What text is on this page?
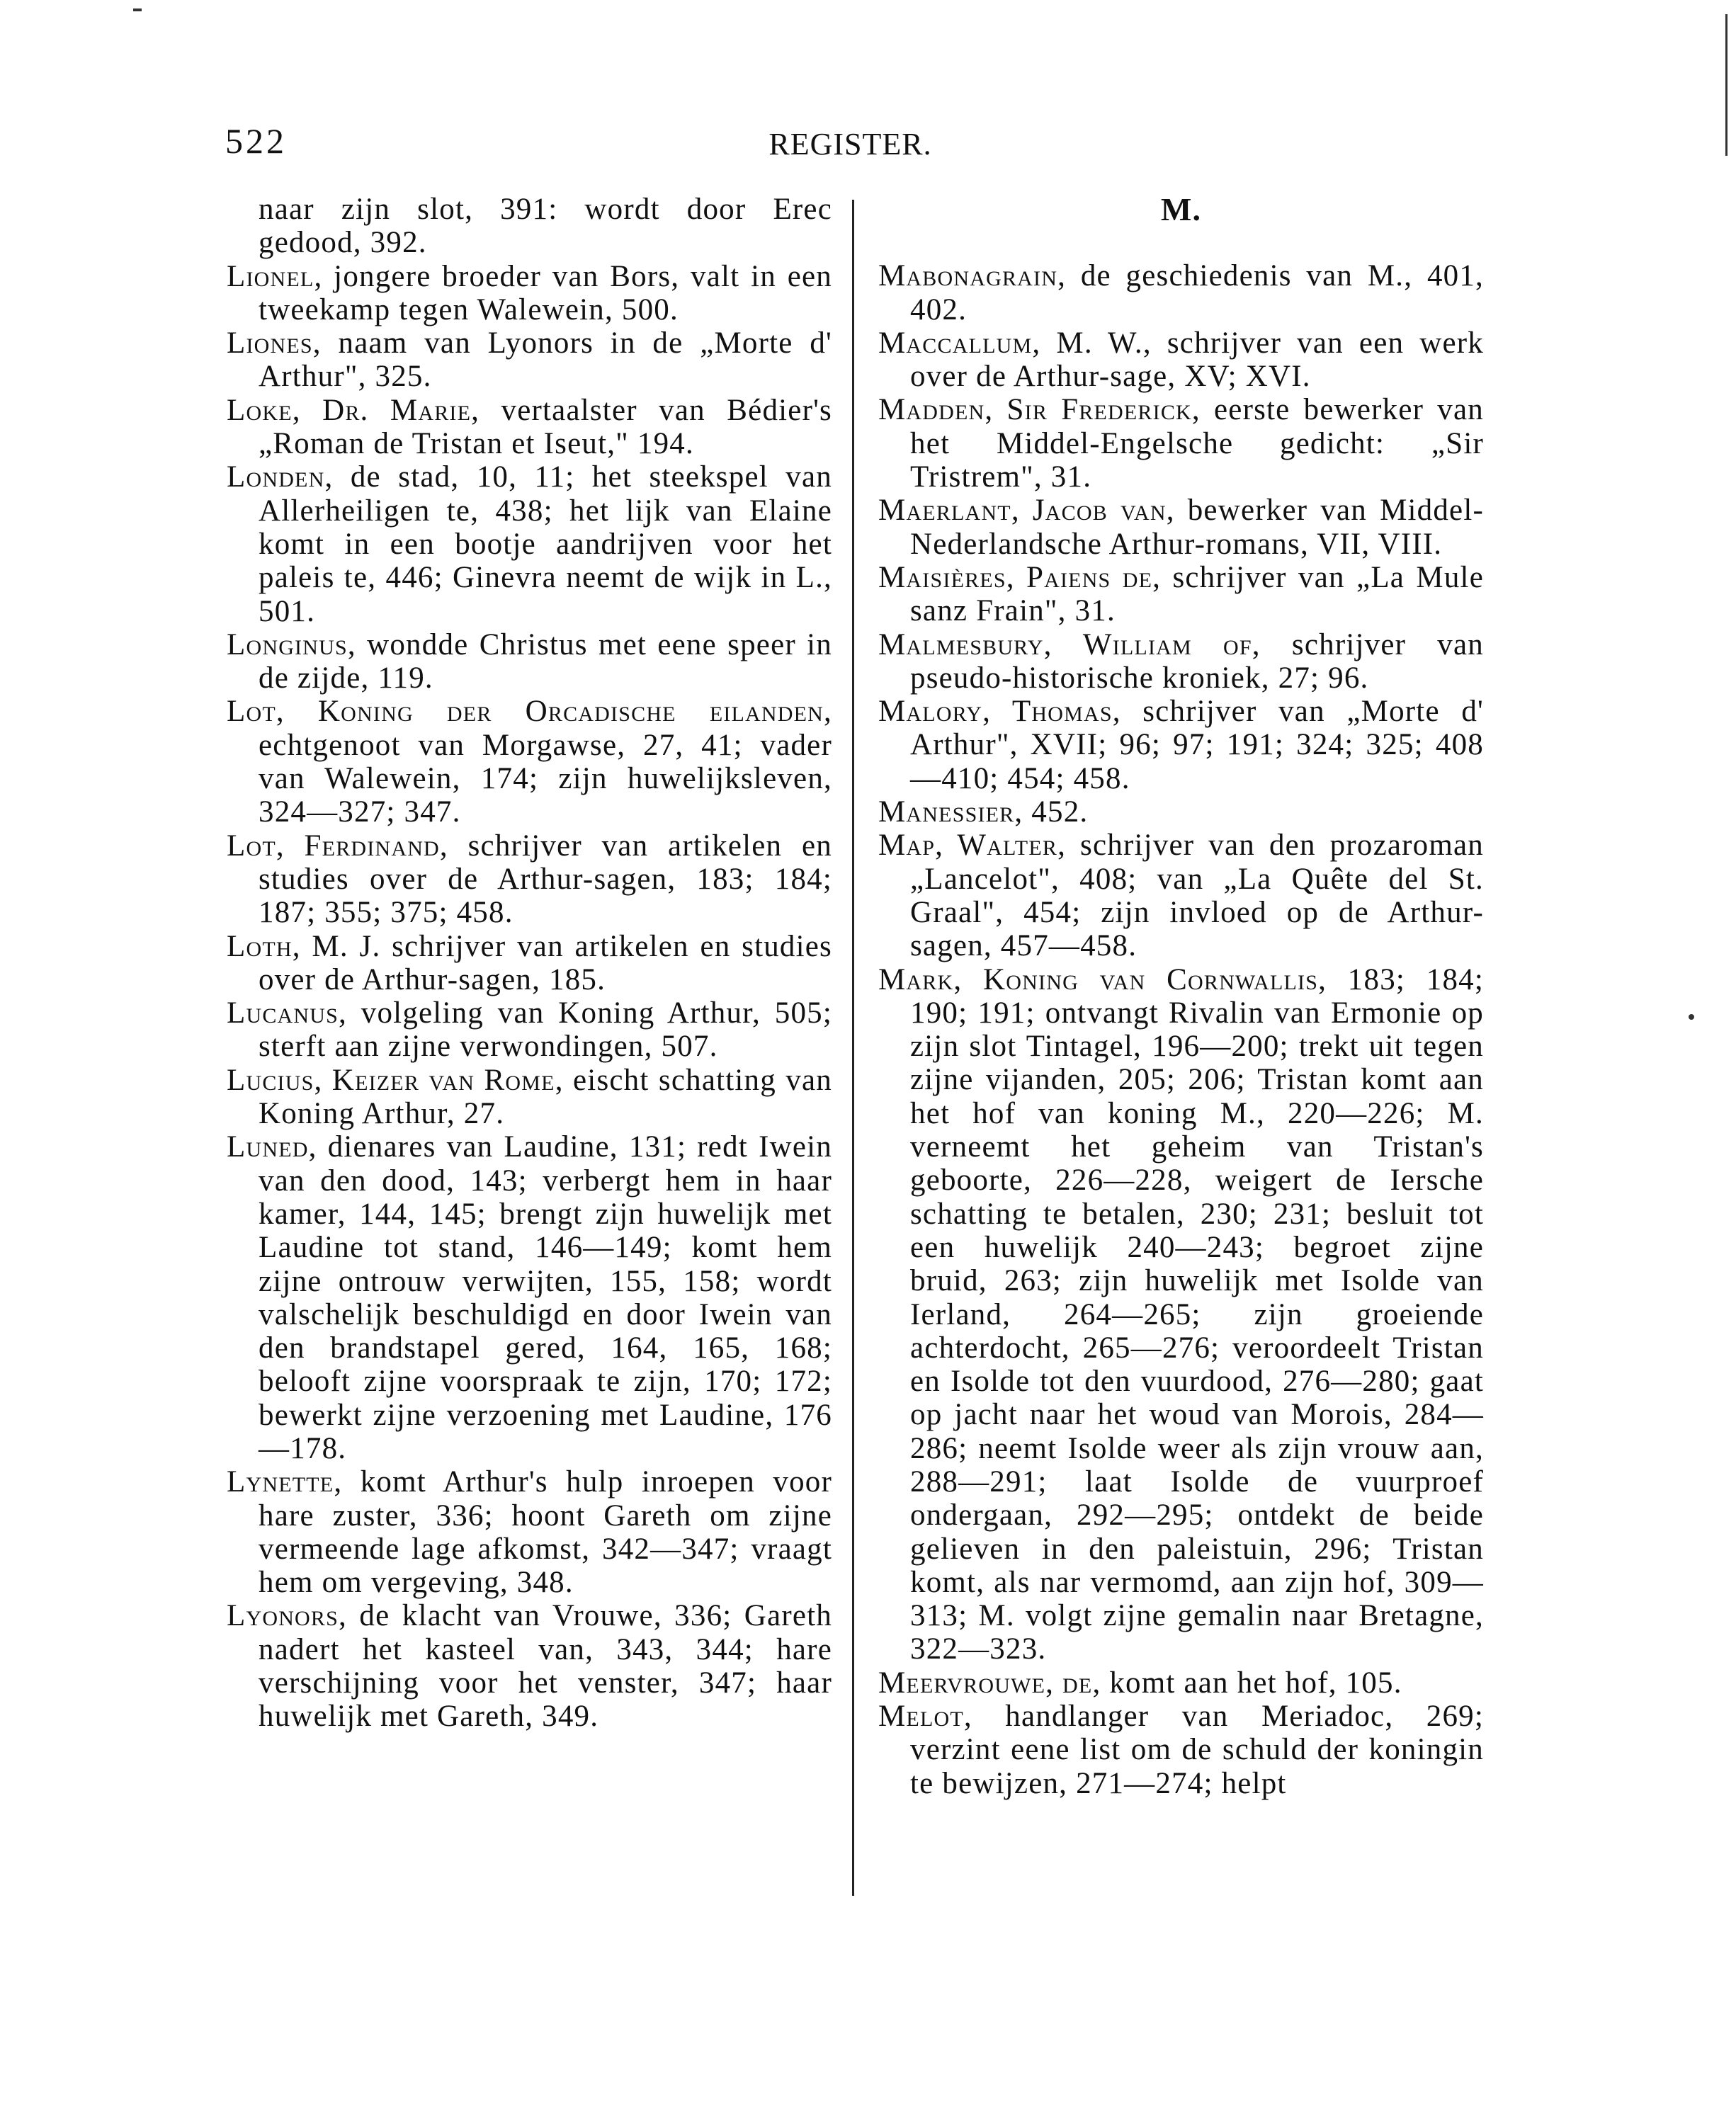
522	REGISTER.

naar zijn slot, 391: wordt door Erec gedood, 392.

Lionel, jongere broeder van Bors, valt in een tweekamp tegen Walewein, 500.

Liones, naam van Lyonors in de „Morte d' Arthur", 325.

Loke, Dr. Marie, vertaalster van Bédier's „Roman de Tristan et Iseut," 194.

Londen, de stad, 10, 11; het steekspel van Allerheiligen te, 438; het lijk van Elaine komt in een bootje aandrijven voor het paleis te, 446; Ginevra neemt de wijk in L., 501.

Longinus, wondde Christus met eene speer in de zijde, 119.

Lot, Koning der Orcadische eilanden, echtgenoot van Morgawse, 27, 41; vader van Walewein, 174; zijn huwelijksleven, 324—327; 347.

Lot, Ferdinand, schrijver van artikelen en studies over de Arthur-sagen, 183; 184; 187; 355; 375; 458.

Loth, M. J. schrijver van artikelen en studies over de Arthur-sagen, 185.

Lucanus, volgeling van Koning Arthur, 505; sterft aan zijne verwondingen, 507.

Lucius, Keizer van Rome, eischt schatting van Koning Arthur, 27.

Luned, dienares van Laudine, 131; redt Iwein van den dood, 143; verbergt hem in haar kamer, 144, 145; brengt zijn huwelijk met Laudine tot stand, 146—149; komt hem zijne ontrouw verwijten, 155, 158; wordt valschelijk beschuldigd en door Iwein van den brandstapel gered, 164, 165, 168; belooft zijne voorspraak te zijn, 170; 172; bewerkt zijne verzoening met Laudine, 176—178.

Lynette, komt Arthur's hulp inroepen voor hare zuster, 336; hoont Gareth om zijne vermeende lage afkomst, 342—347; vraagt hem om vergeving, 348.

Lyonors, de klacht van Vrouwe, 336; Gareth nadert het kasteel van, 343, 344; hare verschijning voor het venster, 347; haar huwelijk met Gareth, 349.

M.

Mabonagrain, de geschiedenis van M., 401, 402.

Maccallum, M. W., schrijver van een werk over de Arthur-sage, XV; XVI.

Madden, Sir Frederick, eerste bewerker van het Middel-Engelsche gedicht: „Sir Tristrem", 31.

Maerlant, Jacob van, bewerker van Middel-Nederlandsche Arthur-romans, VII, VIII.

Maisières, Paiens de, schrijver van „La Mule sanz Frain", 31.

Malmesbury, William of, schrijver van pseudo-historische kroniek, 27; 96.

Malory, Thomas, schrijver van „Morte d' Arthur", XVII; 96; 97; 191; 324; 325; 408—410; 454; 458.

Manessier, 452.

Map, Walter, schrijver van den prozaroman „Lancelot", 408; van „La Quête del St. Graal", 454; zijn invloed op de Arthur-sagen, 457—458.

Mark, Koning van Cornwallis, 183; 184; 190; 191; ontvangt Rivalin van Ermonie op zijn slot Tintagel, 196—200; trekt uit tegen zijne vijanden, 205; 206; Tristan komt aan het hof van koning M., 220—226; M. verneemt het geheim van Tristan's geboorte, 226—228, weigert de Iersche schatting te betalen, 230; 231; besluit tot een huwelijk 240—243; begroet zijne bruid, 263; zijn huwelijk met Isolde van Ierland, 264—265; zijn groeiende achterdocht, 265—276; veroordeelt Tristan en Isolde tot den vuurdood, 276—280; gaat op jacht naar het woud van Morois, 284—286; neemt Isolde weer als zijn vrouw aan, 288—291; laat Isolde de vuurproef ondergaan, 292—295; ontdekt de beide gelieven in den paleistuin, 296; Tristan komt, als nar vermomd, aan zijn hof, 309—313; M. volgt zijne gemalin naar Bretagne, 322—323.

Meervrouwe, de, komt aan het hof, 105.

Melot, handlanger van Meriadoc, 269; verzint eene list om de schuld der koningin te bewijzen, 271—274; helpt
